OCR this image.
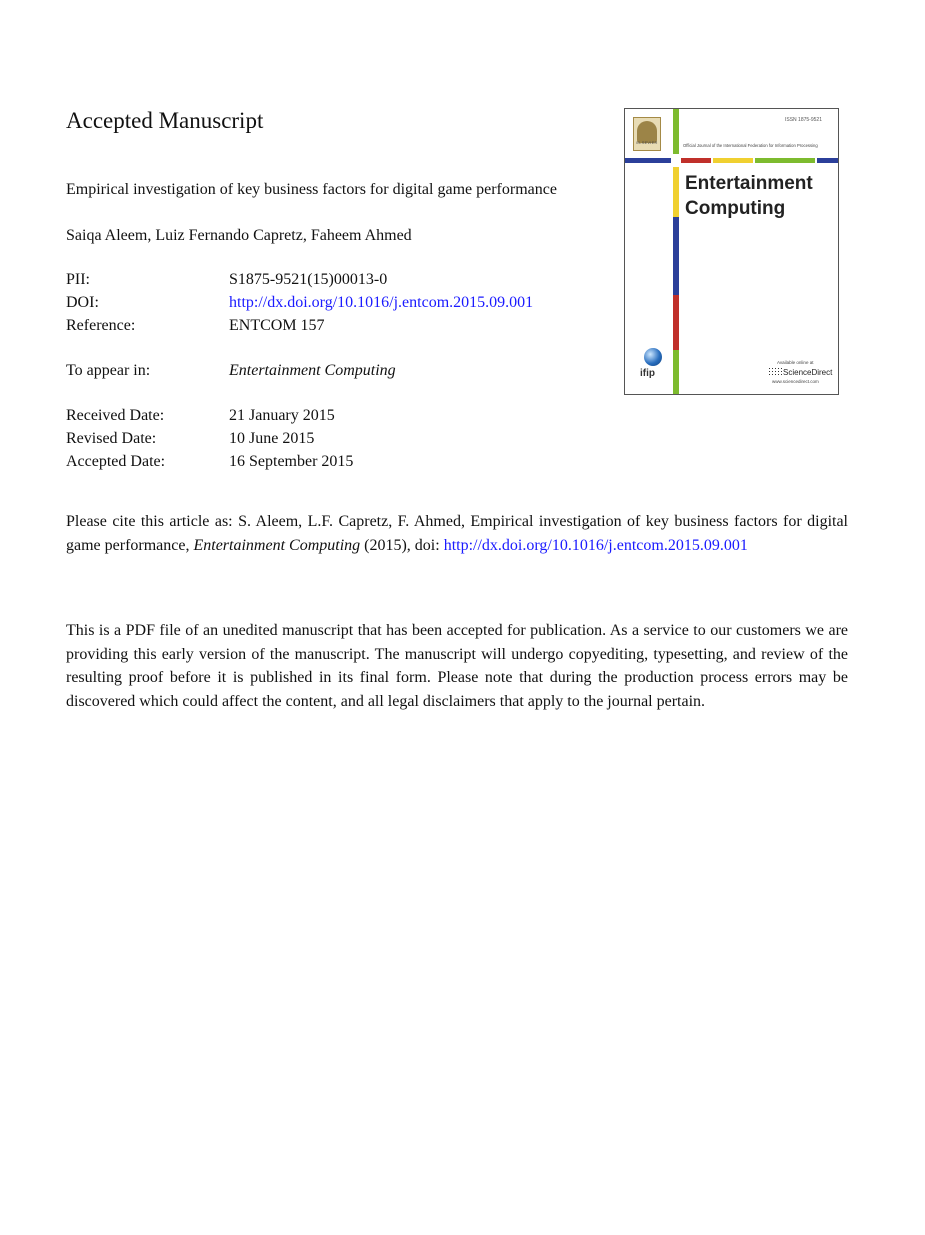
Accepted Manuscript
Empirical investigation of key business factors for digital game performance
Saiqa Aleem, Luiz Fernando Capretz, Faheem Ahmed
PII:	S1875-9521(15)00013-0
DOI:	http://dx.doi.org/10.1016/j.entcom.2015.09.001
Reference:	ENTCOM 157
To appear in:	Entertainment Computing
Received Date:	21 January 2015
Revised Date:	10 June 2015
Accepted Date:	16 September 2015
Please cite this article as: S. Aleem, L.F. Capretz, F. Ahmed, Empirical investigation of key business factors for digital game performance, Entertainment Computing (2015), doi: http://dx.doi.org/10.1016/j.entcom.2015.09.001
This is a PDF file of an unedited manuscript that has been accepted for publication. As a service to our customers we are providing this early version of the manuscript. The manuscript will undergo copyediting, typesetting, and review of the resulting proof before it is published in its final form. Please note that during the production process errors may be discovered which could affect the content, and all legal disclaimers that apply to the journal pertain.
ELSEVIER
ISSN 1875-9521
Official Journal of the International Federation for Information Processing
Entertainment
Computing
ifip
Available online at
ScienceDirect
www.sciencedirect.com
